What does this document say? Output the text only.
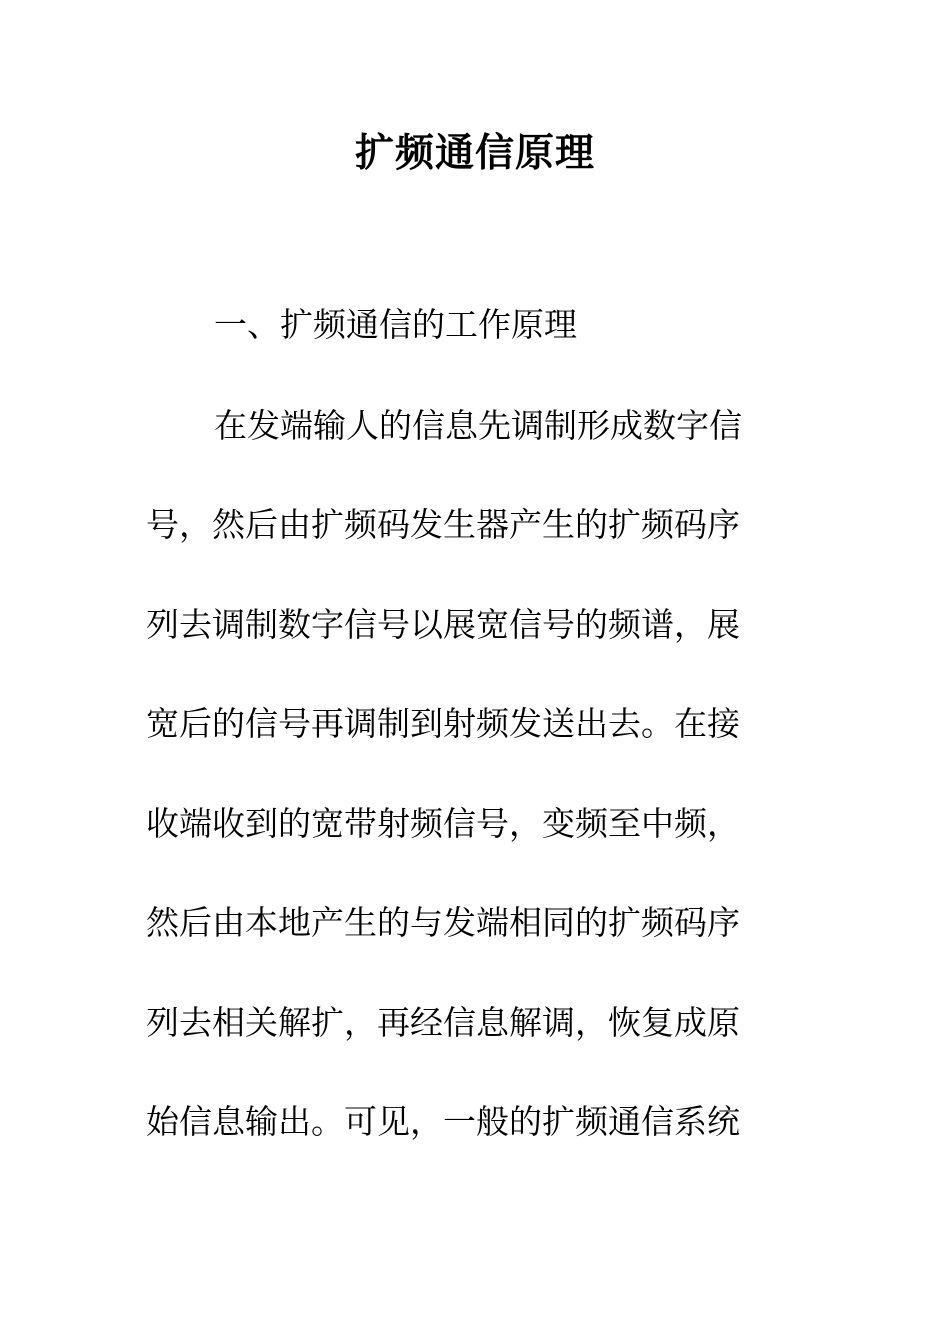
扩频通信原理

一、扩频通信的工作原理

在发端输人的信息先调制形成数字信

号，然后由扩频码发生器产生的扩频码序

列去调制数字信号以展宽信号的频谱，展

宽后的信号再调制到射频发送出去。在接

收端收到的宽带射频信号，变频至中频，

然后由本地产生的与发端相同的扩频码序

列去相关解扩，再经信息解调，恢复成原

始信息输出。可见，一般的扩频通信系统
